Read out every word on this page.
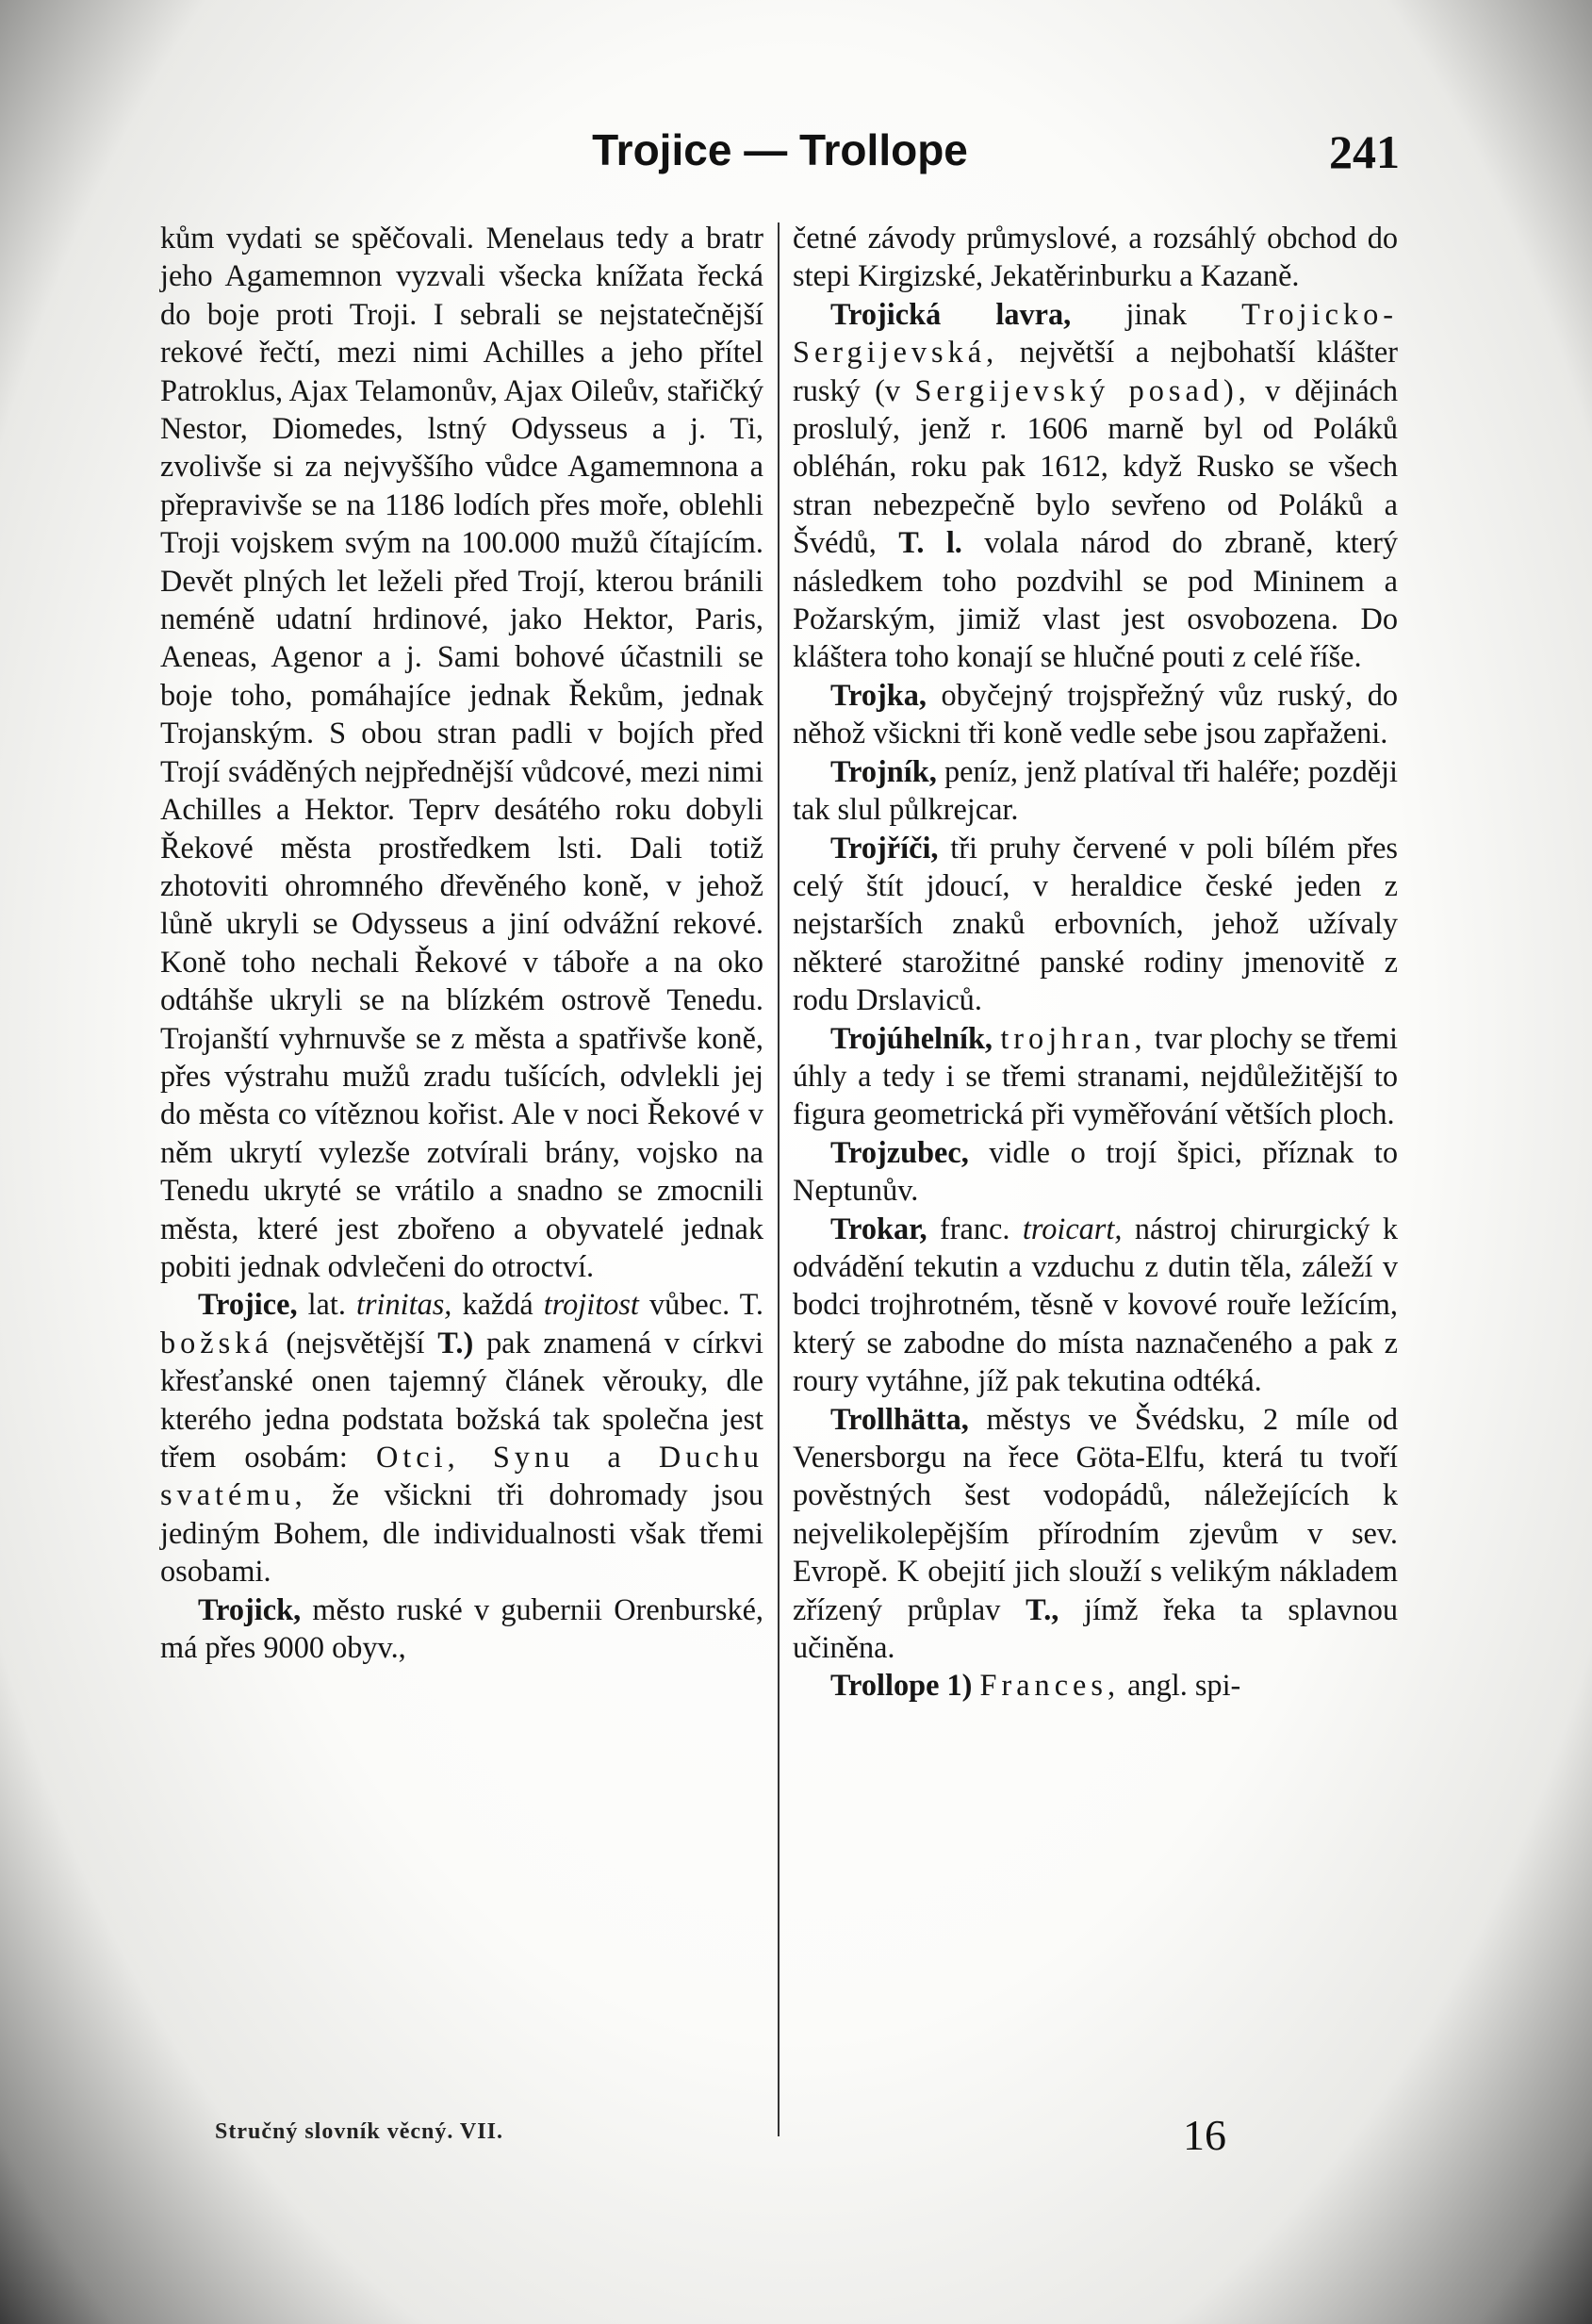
Trojice — Trollope	241

kům vydati se spěčovali. Menelaus tedy a bratr jeho Agamemnon vyzvali všecka knížata řecká do boje proti Troji. I sebrali se nejstatečnější rekové řečtí, mezi nimi Achilles a jeho přítel Patroklus, Ajax Telamonův, Ajax Oileův, stařičký Nestor, Diomedes, lstný Odysseus a j. Ti, zvolivše si za nejvyššího vůdce Agamemnona a přepravivše se na 1186 lodích přes moře, oblehli Troji vojskem svým na 100.000 mužů čítajícím. Devět plných let leželi před Trojí, kterou bránili neméně udatní hrdinové, jako Hektor, Paris, Aeneas, Agenor a j. Sami bohové účastnili se boje toho, pomáhajíce jednak Řekům, jednak Trojanským. S obou stran padli v bojích před Trojí sváděných nejpřednější vůdcové, mezi nimi Achilles a Hektor. Teprv desátého roku dobyli Řekové města prostředkem lsti. Dali totiž zhotoviti ohromného dřevěného koně, v jehož lůně ukryli se Odysseus a jiní odvážní rekové. Koně toho nechali Řekové v táboře a na oko odtáhše ukryli se na blízkém ostrově Tenedu. Trojanští vyhrnuvše se z města a spatřivše koně, přes výstrahu mužů zradu tušících, odvlekli jej do města co vítěznou kořist. Ale v noci Řekové v něm ukrytí vylezše zotvírali brány, vojsko na Tenedu ukryté se vrátilo a snadno se zmocnili města, které jest zbořeno a obyvatelé jednak pobiti jednak odvlečeni do otroctví.

Trojice, lat. trinitas, každá trojitost vůbec. T. božská (nejsvětější T.) pak znamená v církvi křesťanské onen tajemný článek věrouky, dle kterého jedna podstata božská tak společna jest třem osobám: Otci, Synu a Duchu svatému, že všickni tři dohromady jsou jediným Bohem, dle individualnosti však třemi osobami.

Trojick, město ruské v gubernii Orenburské, má přes 9000 obyv.,

četné závody průmyslové, a rozsáhlý obchod do stepi Kirgizské, Jekatěrinburku a Kazaně.

Trojická lavra, jinak Trojicko-Sergijevská, největší a nejbohatší klášter ruský (v Sergijevský posad), v dějinách proslulý, jenž r. 1606 marně byl od Poláků obléhán, roku pak 1612, když Rusko se všech stran nebezpečně bylo sevřeno od Poláků a Švédů, T. l. volala národ do zbraně, který následkem toho pozdvihl se pod Mininem a Požarským, jimiž vlast jest osvobozena. Do kláštera toho konají se hlučné pouti z celé říše.

Trojka, obyčejný trojspřežný vůz ruský, do něhož všickni tři koně vedle sebe jsou zapřaženi.

Trojník, peníz, jenž platíval tři haléře; později tak slul půlkrejcar.

Trojříči, tři pruhy červené v poli bílém přes celý štít jdoucí, v heraldice české jeden z nejstarších znaků erbovních, jehož užívaly některé starožitné panské rodiny jmenovitě z rodu Drslaviců.

Trojúhelník, trojhran, tvar plochy se třemi úhly a tedy i se třemi stranami, nejdůležitější to figura geometrická při vyměřování větších ploch.

Trojzubec, vidle o trojí špici, příznak to Neptunův.

Trokar, franc. troicart, nástroj chirurgický k odvádění tekutin a vzduchu z dutin těla, záleží v bodci trojhrotném, těsně v kovové rouře ležícím, který se zabodne do místa naznačeného a pak z roury vytáhne, jíž pak tekutina odtéká.

Trollhätta, městys ve Švédsku, 2 míle od Venersborgu na řece Göta-Elfu, která tu tvoří pověstných šest vodopádů, náležejících k nejvelikolepějším přírodním zjevům v sev. Evropě. K obejití jich slouží s velikým nákladem zřízený průplav T., jímž řeka ta splavnou učiněna.

Trollope 1) Frances, angl. spi-

Stručný slovník věcný. VII.	16
